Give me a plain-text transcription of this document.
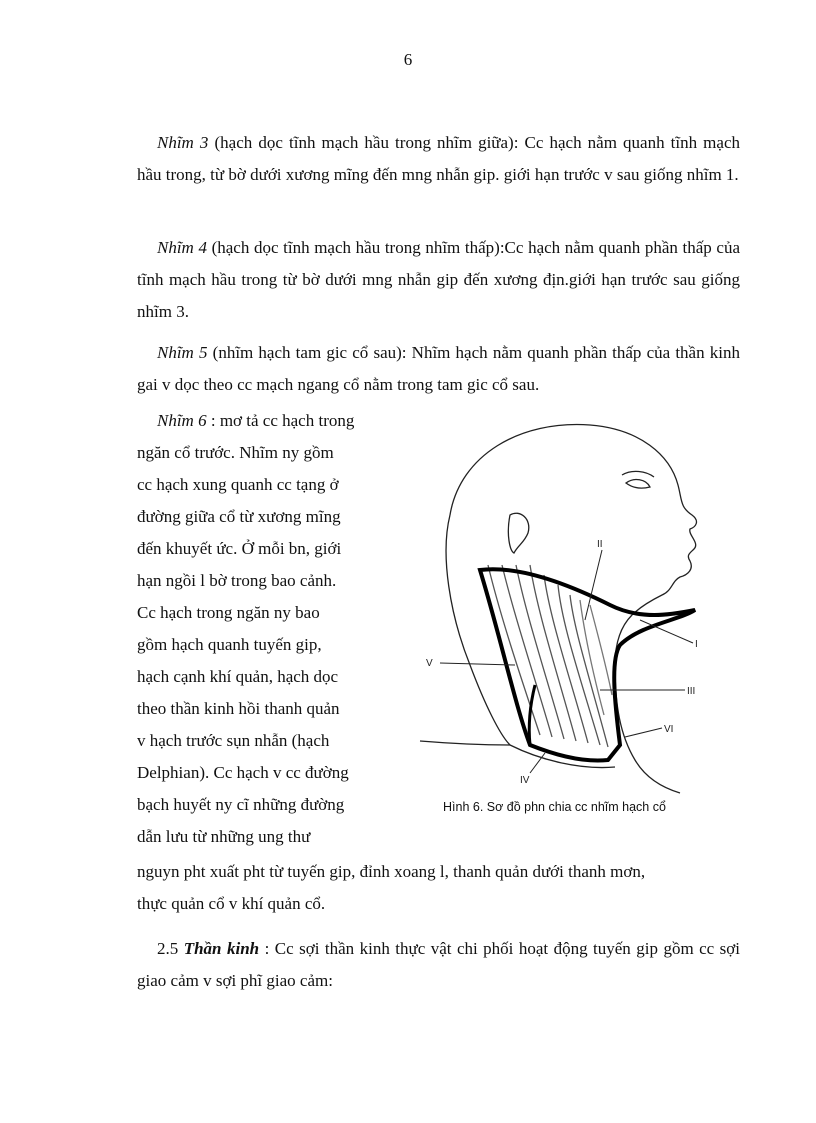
6

Nhĩm 3 (hạch dọc tĩnh mạch hầu trong nhĩm giữa): Cc hạch nằm quanh tĩnh mạch hầu trong, từ bờ dưới xương mĩng đến mng nhẫn gip. giới hạn trước v sau giống nhĩm 1.

Nhĩm 4 (hạch dọc tĩnh mạch hầu trong nhĩm thấp):Cc hạch nằm quanh phần thấp của tĩnh mạch hầu trong từ bờ dưới mng nhẫn gip đến xương địn.giới hạn trước sau giống nhĩm 3.

Nhĩm 5 (nhĩm hạch tam gic cổ sau): Nhĩm hạch nằm quanh phần thấp của thần kinh gai v dọc theo cc mạch ngang cổ nằm trong tam gic cổ sau.

Nhĩm 6 : mơ tả cc hạch trong
ngăn cổ trước. Nhĩm ny gồm
cc hạch xung quanh cc tạng ở
đường giữa cổ từ xương mĩng
đến khuyết ức. Ở mỗi bn, giới
hạn ngồi l bờ trong bao cảnh.
Cc hạch trong ngăn ny bao
gồm hạch quanh tuyến gip,
hạch cạnh khí quản, hạch dọc
theo thần kinh hồi thanh quản
v hạch trước sụn nhẫn (hạch
Delphian). Cc hạch v cc đường
bạch huyết ny cĩ những đường
dẫn lưu từ những ung thư
nguyn pht xuất pht từ tuyến gip, đỉnh xoang l, thanh quản dưới thanh mơn,
thực quản cổ v khí quản cổ.

2.5 Thần kinh : Cc sợi thần kinh thực vật chi phối hoạt động tuyến gip gồm cc sợi giao cảm v sợi phĩ giao cảm:

II
I
III
V
IV
VI
Hình 6. Sơ đồ phn chia cc nhĩm hạch cổ
